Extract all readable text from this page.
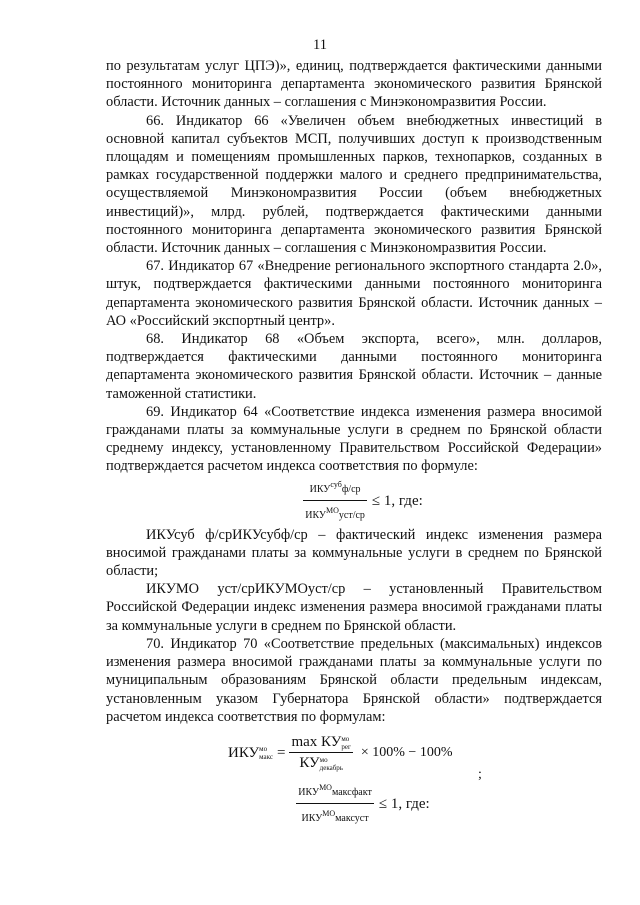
11

по результатам услуг ЦПЭ)», единиц, подтверждается фактическими данными постоянного мониторинга департамента экономического развития Брянской области. Источник данных – соглашения с Минэкономразвития России.

66. Индикатор 66 «Увеличен объем внебюджетных инвестиций в основной капитал субъектов МСП, получивших доступ к производственным площадям и помещениям промышленных парков, технопарков, созданных в рамках государственной поддержки малого и среднего предпринимательства, осуществляемой Минэкономразвития России (объем внебюджетных инвестиций)», млрд. рублей, подтверждается фактическими данными постоянного мониторинга департамента экономического развития Брянской области. Источник данных – соглашения с Минэкономразвития России.

67. Индикатор 67 «Внедрение регионального экспортного стандарта 2.0», штук, подтверждается фактическими данными постоянного мониторинга департамента экономического развития Брянской области. Источник данных – АО «Российский экспортный центр».

68. Индикатор 68 «Объем экспорта, всего», млн. долларов, подтверждается фактическими данными постоянного мониторинга департамента экономического развития Брянской области. Источник – данные таможенной статистики.

69. Индикатор 64 «Соответствие индекса изменения размера вносимой гражданами платы за коммунальные услуги в среднем по Брянской области среднему индексу, установленному Правительством Российской Федерации» подтверждается расчетом индекса соответствия по формуле:

$\frac{ИКУ^{суб}ф/ср}{ИКУ^{МО}уст/ср} \le 1$, где:

ИКУсуб ф/срИКУсубф/ср – фактический индекс изменения размера вносимой гражданами платы за коммунальные услуги в среднем по Брянской области;

ИКУМО уст/срИКУМОуст/ср – установленный Правительством Российской Федерации индекс изменения размера вносимой гражданами платы за коммунальные услуги в среднем по Брянской области.

70. Индикатор 70 «Соответствие предельных (максимальных) индексов изменения размера вносимой гражданами платы за коммунальные услуги по муниципальным образованиям Брянской области предельным индексам, установленным указом Губернатора Брянской области» подтверждается расчетом индекса соответствия по формулам:

ИКУ мо
макс = max КУ мо
рег
КУ мо
декабрь × 100% − 100%
;
$\frac{ИКУ^{МО}максфакт}{ИКУ^{МО}максуст} \le 1$, где:
